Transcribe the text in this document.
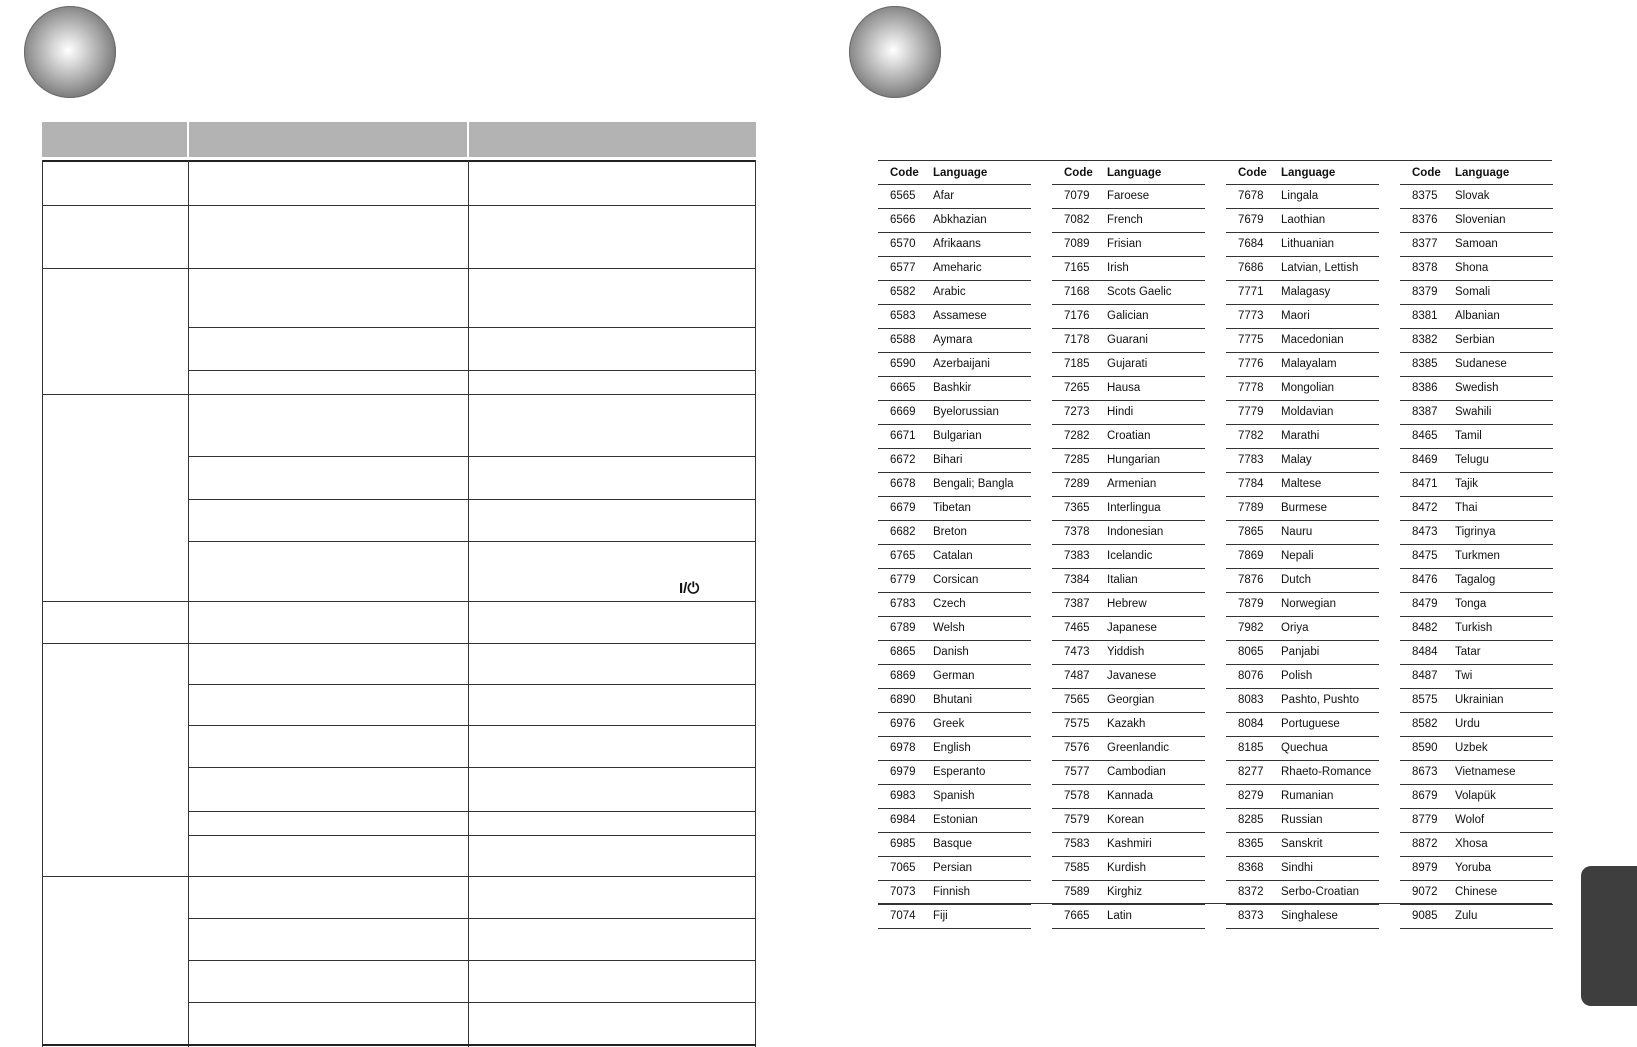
I/⏻
Code Language
6565 Afar
6566 Abkhazian
6570 Afrikaans
6577 Ameharic
6582 Arabic
6583 Assamese
6588 Aymara
6590 Azerbaijani
6665 Bashkir
6669 Byelorussian
6671 Bulgarian
6672 Bihari
6678 Bengali; Bangla
6679 Tibetan
6682 Breton
6765 Catalan
6779 Corsican
6783 Czech
6789 Welsh
6865 Danish
6869 German
6890 Bhutani
6976 Greek
6978 English
6979 Esperanto
6983 Spanish
6984 Estonian
6985 Basque
7065 Persian
7073 Finnish
7074 Fiji
Code Language
7079 Faroese
7082 French
7089 Frisian
7165 Irish
7168 Scots Gaelic
7176 Galician
7178 Guarani
7185 Gujarati
7265 Hausa
7273 Hindi
7282 Croatian
7285 Hungarian
7289 Armenian
7365 Interlingua
7378 Indonesian
7383 Icelandic
7384 Italian
7387 Hebrew
7465 Japanese
7473 Yiddish
7487 Javanese
7565 Georgian
7575 Kazakh
7576 Greenlandic
7577 Cambodian
7578 Kannada
7579 Korean
7583 Kashmiri
7585 Kurdish
7589 Kirghiz
7665 Latin
Code Language
7678 Lingala
7679 Laothian
7684 Lithuanian
7686 Latvian, Lettish
7771 Malagasy
7773 Maori
7775 Macedonian
7776 Malayalam
7778 Mongolian
7779 Moldavian
7782 Marathi
7783 Malay
7784 Maltese
7789 Burmese
7865 Nauru
7869 Nepali
7876 Dutch
7879 Norwegian
7982 Oriya
8065 Panjabi
8076 Polish
8083 Pashto, Pushto
8084 Portuguese
8185 Quechua
8277 Rhaeto-Romance
8279 Rumanian
8285 Russian
8365 Sanskrit
8368 Sindhi
8372 Serbo-Croatian
8373 Singhalese
Code Language
8375 Slovak
8376 Slovenian
8377 Samoan
8378 Shona
8379 Somali
8381 Albanian
8382 Serbian
8385 Sudanese
8386 Swedish
8387 Swahili
8465 Tamil
8469 Telugu
8471 Tajik
8472 Thai
8473 Tigrinya
8475 Turkmen
8476 Tagalog
8479 Tonga
8482 Turkish
8484 Tatar
8487 Twi
8575 Ukrainian
8582 Urdu
8590 Uzbek
8673 Vietnamese
8679 Volapük
8779 Wolof
8872 Xhosa
8979 Yoruba
9072 Chinese
9085 Zulu
